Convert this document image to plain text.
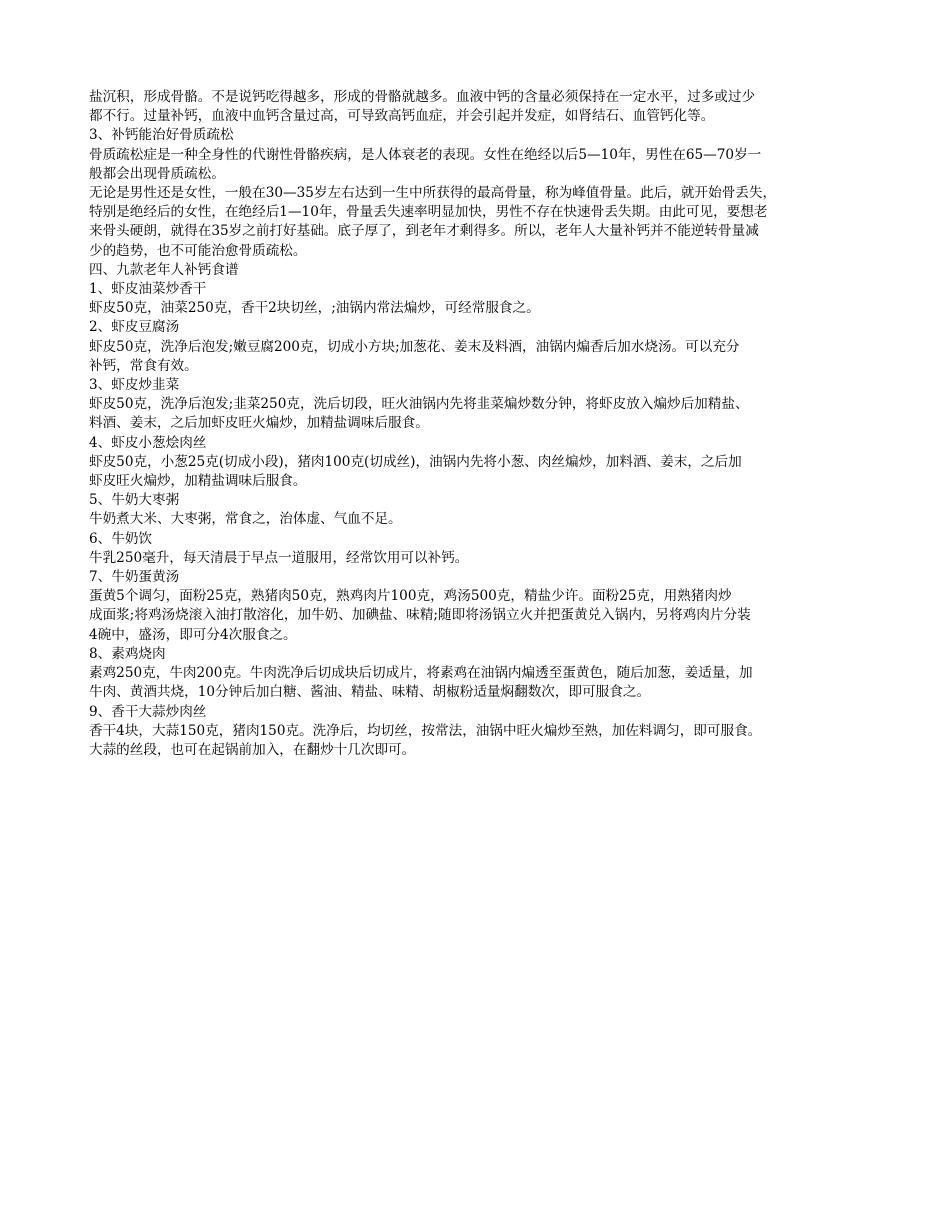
盐沉积，形成骨骼。不是说钙吃得越多，形成的骨骼就越多。血液中钙的含量必须保持在一定水平，过多或过少
都不行。过量补钙，血液中血钙含量过高，可导致高钙血症，并会引起并发症，如肾结石、血管钙化等。
3、补钙能治好骨质疏松
骨质疏松症是一种全身性的代谢性骨骼疾病，是人体衰老的表现。女性在绝经以后5—10年，男性在65—70岁一
般都会出现骨质疏松。
无论是男性还是女性，一般在30—35岁左右达到一生中所获得的最高骨量，称为峰值骨量。此后，就开始骨丢失，
特别是绝经后的女性，在绝经后1—10年，骨量丢失速率明显加快，男性不存在快速骨丢失期。由此可见，要想老
来骨头硬朗，就得在35岁之前打好基础。底子厚了，到老年才剩得多。所以，老年人大量补钙并不能逆转骨量减
少的趋势，也不可能治愈骨质疏松。
四、九款老年人补钙食谱
1、虾皮油菜炒香干
虾皮50克，油菜250克，香干2块切丝，;油锅内常法煸炒，可经常服食之。
2、虾皮豆腐汤
虾皮50克，洗净后泡发;嫩豆腐200克，切成小方块;加葱花、姜末及料酒，油锅内煸香后加水烧汤。可以充分
补钙，常食有效。
3、虾皮炒韭菜
虾皮50克，洗净后泡发;韭菜250克，洗后切段，旺火油锅内先将韭菜煸炒数分钟，将虾皮放入煸炒后加精盐、
料酒、姜末，之后加虾皮旺火煸炒，加精盐调味后服食。
4、虾皮小葱烩肉丝
虾皮50克，小葱25克(切成小段)，猪肉100克(切成丝)，油锅内先将小葱、肉丝煸炒，加料酒、姜末，之后加
虾皮旺火煸炒，加精盐调味后服食。
5、牛奶大枣粥
牛奶煮大米、大枣粥，常食之，治体虚、气血不足。
6、牛奶饮
牛乳250毫升，每天清晨于早点一道服用，经常饮用可以补钙。
7、牛奶蛋黄汤
蛋黄5个调匀，面粉25克，熟猪肉50克，熟鸡肉片100克，鸡汤500克，精盐少许。面粉25克，用熟猪肉炒
成面浆;将鸡汤烧滚入油打散溶化，加牛奶、加碘盐、味精;随即将汤锅立火并把蛋黄兑入锅内，另将鸡肉片分装
4碗中，盛汤，即可分4次服食之。
8、素鸡烧肉
素鸡250克，牛肉200克。牛肉洗净后切成块后切成片，将素鸡在油锅内煸透至蛋黄色，随后加葱，姜适量，加
牛肉、黄酒共烧，10分钟后加白糖、酱油、精盐、味精、胡椒粉适量焖翻数次，即可服食之。
9、香干大蒜炒肉丝
香干4块，大蒜150克，猪肉150克。洗净后，均切丝，按常法，油锅中旺火煸炒至熟，加佐料调匀，即可服食。
大蒜的丝段，也可在起锅前加入，在翻炒十几次即可。
